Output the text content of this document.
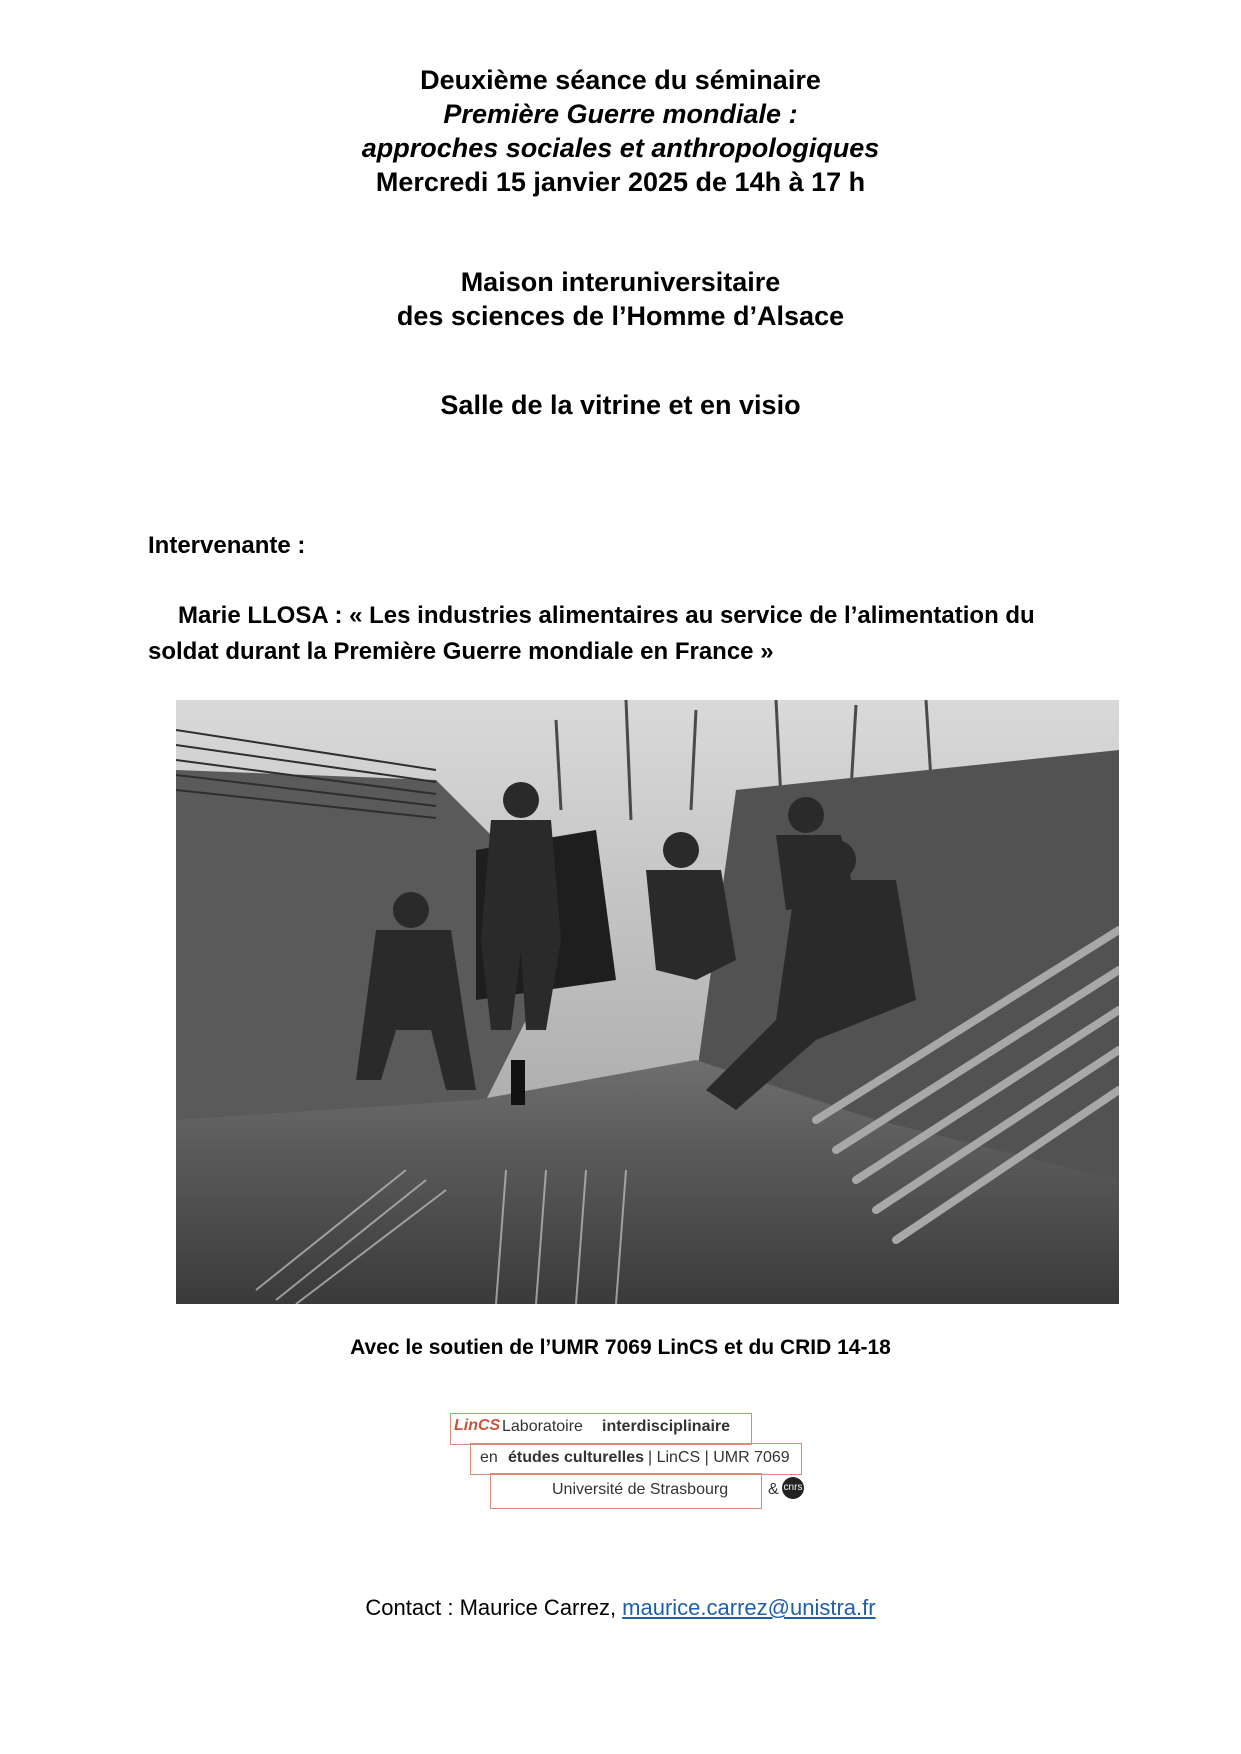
Deuxième séance du séminaire
Première Guerre mondiale :
approches sociales et anthropologiques
Mercredi 15 janvier 2025 de 14h à 17 h
Maison interuniversitaire
des sciences de l’Homme d’Alsace
Salle de la vitrine et en visio
Intervenante :
Marie LLOSA : « Les industries alimentaires au service de l’alimentation du soldat durant la Première Guerre mondiale en France »
Avec le soutien de l’UMR 7069 LinCS et du CRID 14-18
LinCS Laboratoire interdisciplinaire
en études culturelles | LinCS | UMR 7069
Université de Strasbourg & cnrs
Contact : Maurice Carrez, maurice.carrez@unistra.fr
